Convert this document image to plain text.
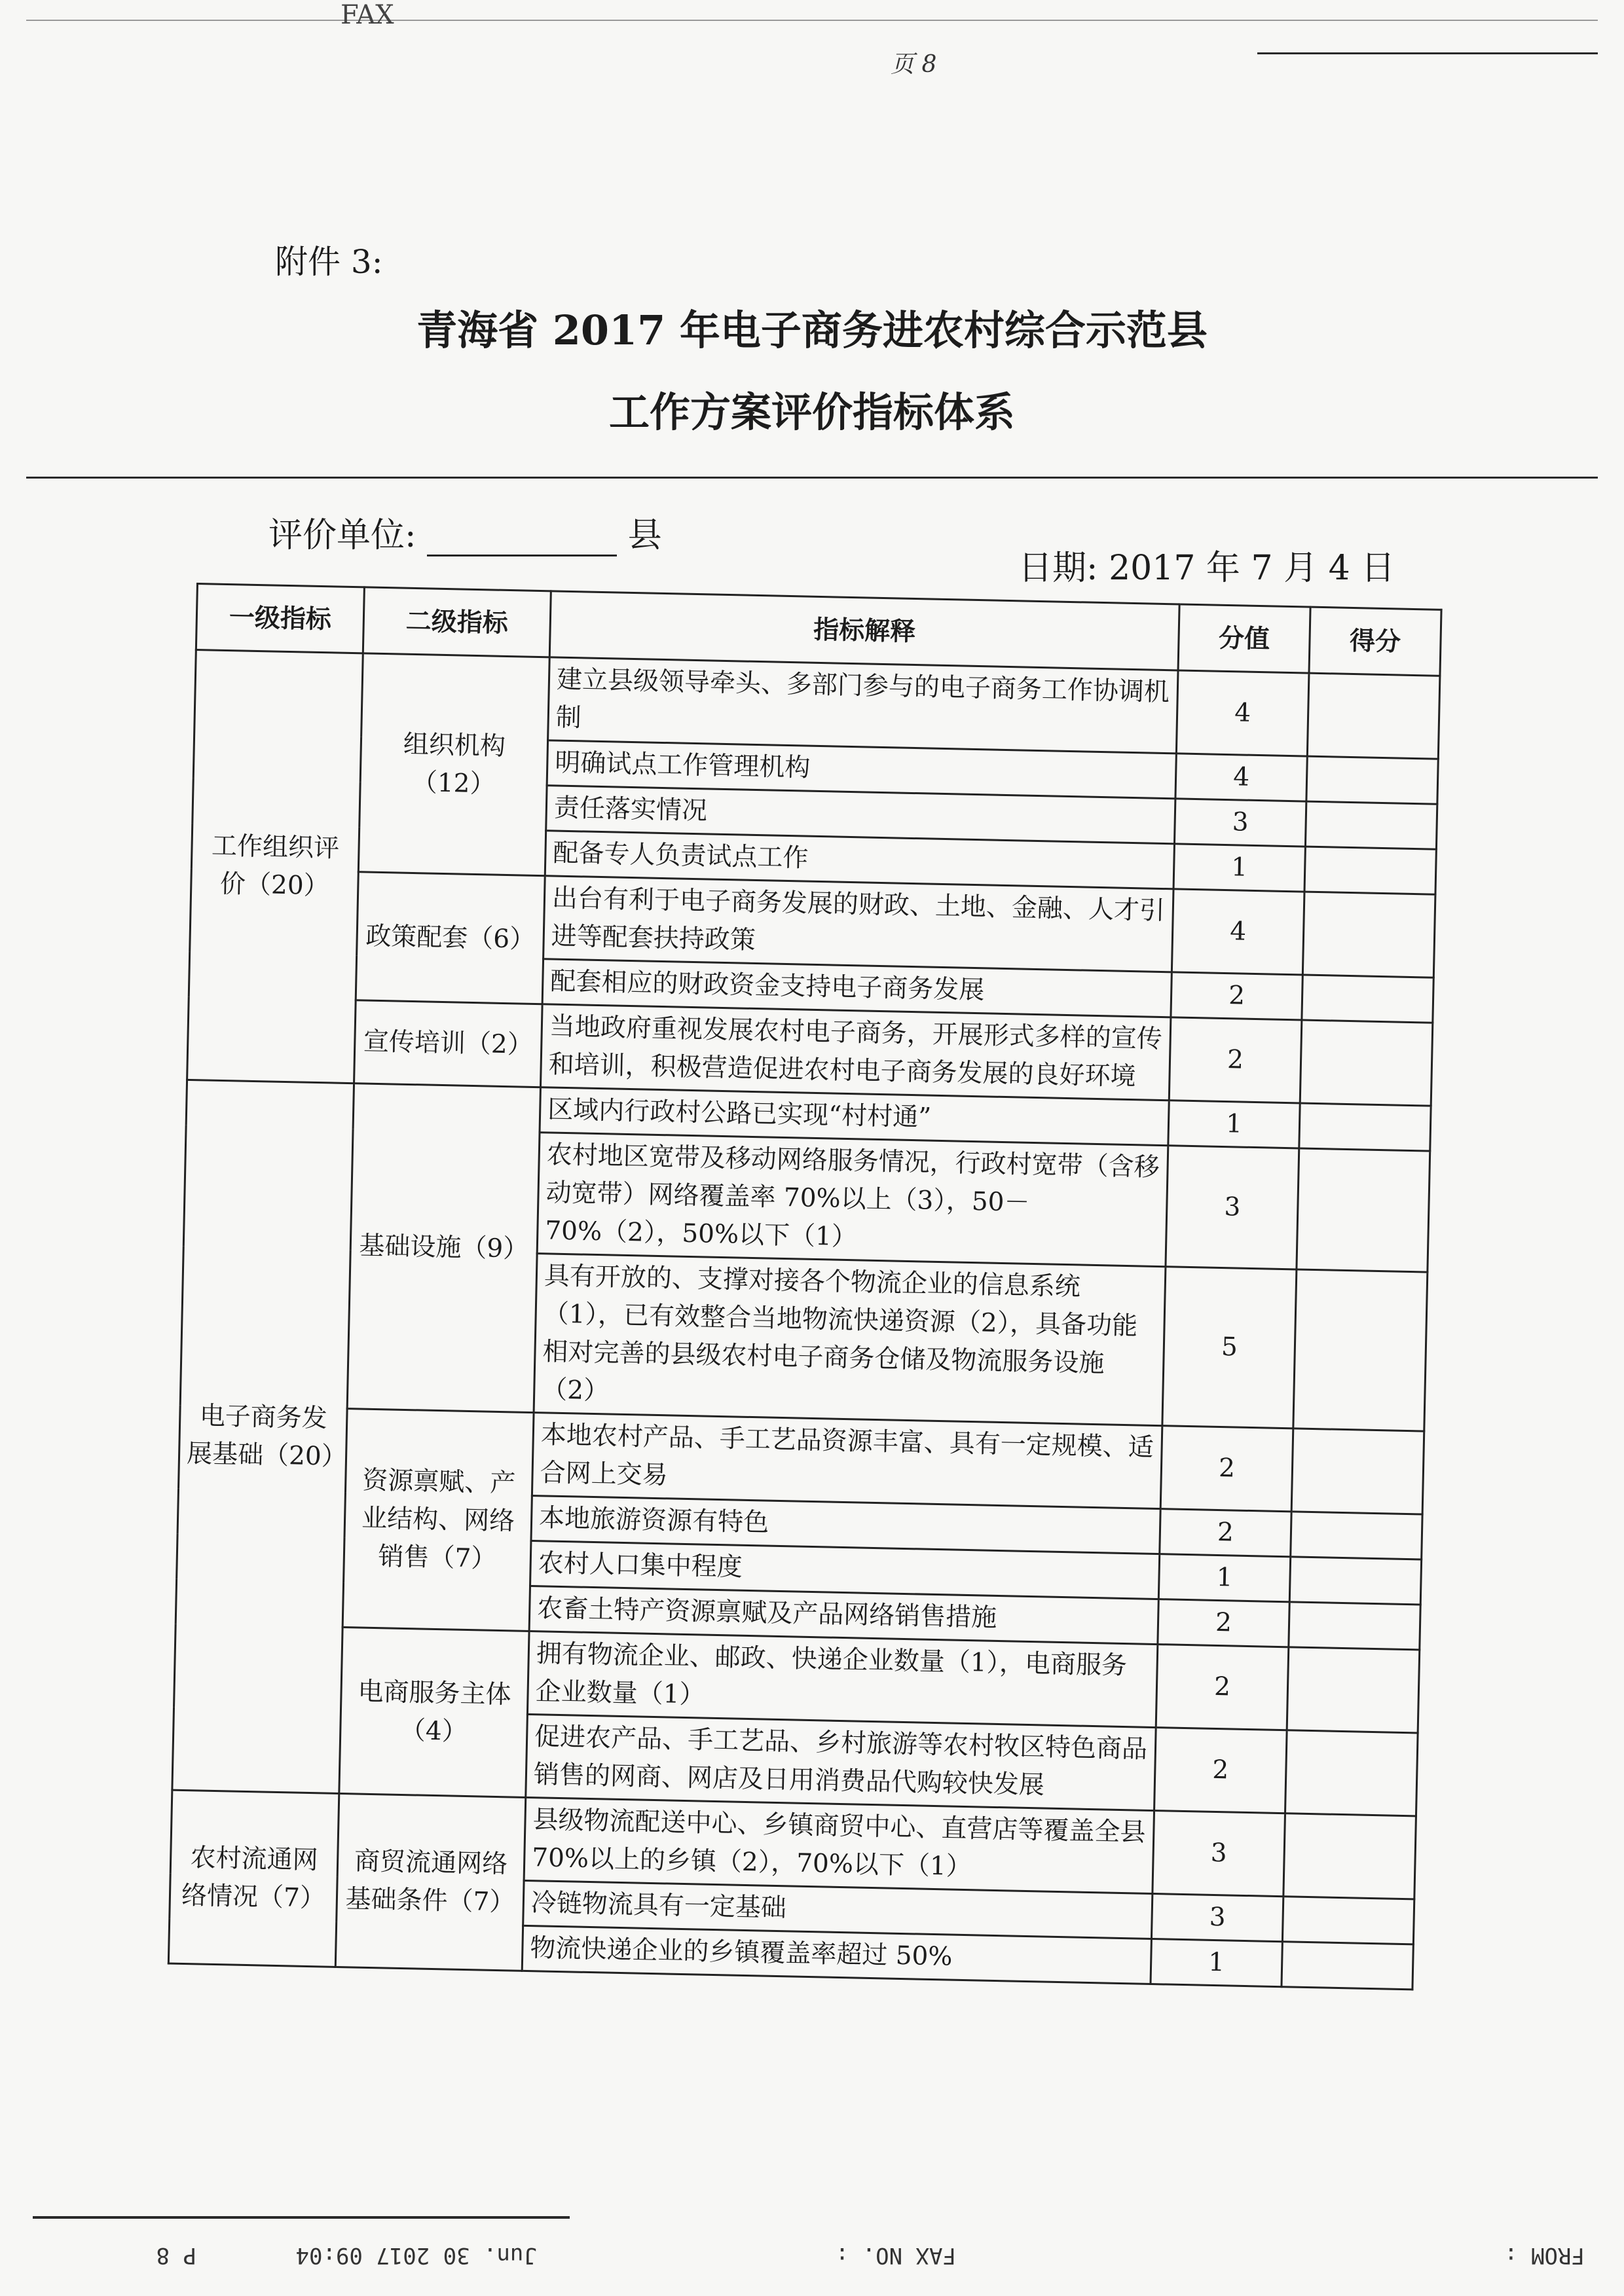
FAX
页 8
附件 3:
青海省 2017 年电子商务进农村综合示范县
工作方案评价指标体系
评价单位:	县
日期: 2017 年 7 月 4 日
一级指标	二级指标	指标解释	分值	得分
工作组织评价（20）	组织机构（12）	建立县级领导牵头、多部门参与的电子商务工作协调机制	4	
		明确试点工作管理机构	4	
		责任落实情况	3	
		配备专人负责试点工作	1	
	政策配套（6）	出台有利于电子商务发展的财政、土地、金融、人才引进等配套扶持政策	4	
		配套相应的财政资金支持电子商务发展	2	
	宣传培训（2）	当地政府重视发展农村电子商务，开展形式多样的宣传和培训，积极营造促进农村电子商务发展的良好环境	2	
电子商务发展基础（20）	基础设施（9）	区域内行政村公路已实现“村村通”	1	
		农村地区宽带及移动网络服务情况，行政村宽带（含移动宽带）网络覆盖率 70%以上（3），50－70%（2），50%以下（1）	3	
		具有开放的、支撑对接各个物流企业的信息系统（1），已有效整合当地物流快递资源（2），具备功能相对完善的县级农村电子商务仓储及物流服务设施（2）	5	
	资源禀赋、产业结构、网络销售（7）	本地农村产品、手工艺品资源丰富、具有一定规模、适合网上交易	2	
		本地旅游资源有特色	2	
		农村人口集中程度	1	
		农畜土特产资源禀赋及产品网络销售措施	2	
	电商服务主体（4）	拥有物流企业、邮政、快递企业数量（1），电商服务企业数量（1）	2	
		促进农产品、手工艺品、乡村旅游等农村牧区特色商品销售的网商、网店及日用消费品代购较快发展	2	
农村流通网络情况（7）	商贸流通网络基础条件（7）	县级物流配送中心、乡镇商贸中心、直营店等覆盖全县 70%以上的乡镇（2），70%以下（1）	3	
		冷链物流具有一定基础	3	
		物流快递企业的乡镇覆盖率超过 50%	1	
FROM :
FAX NO. :
Jun. 30 2017 09:04
P 8
